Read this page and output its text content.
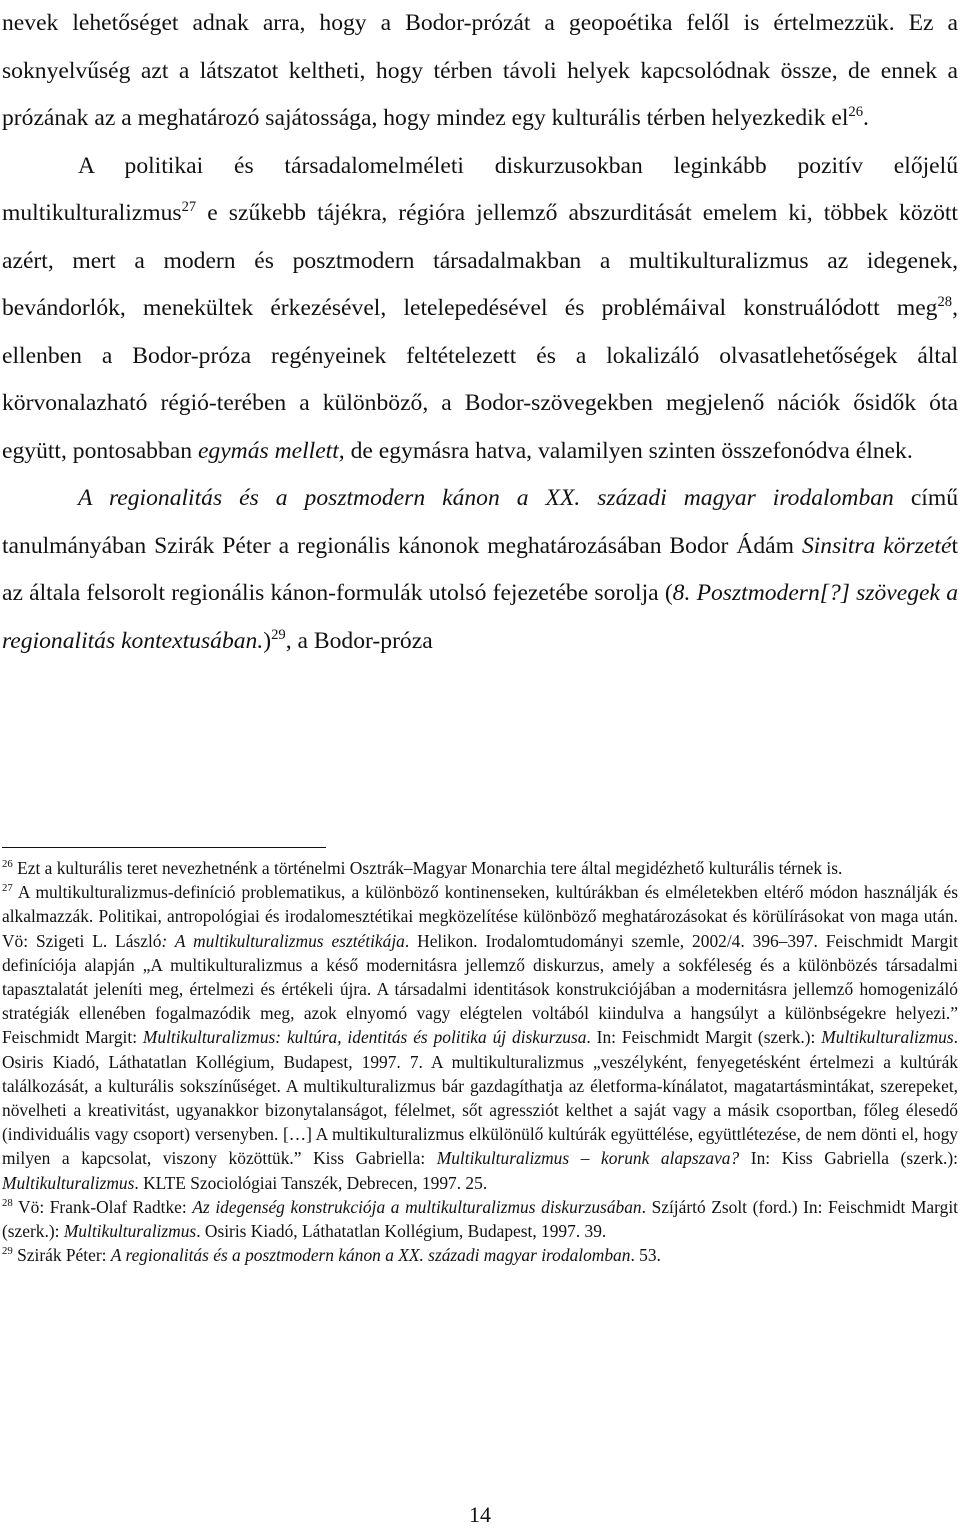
nevek lehetőséget adnak arra, hogy a Bodor-prózát a geopoétika felől is értelmezzük. Ez a soknyelvűség azt a látszatot keltheti, hogy térben távoli helyek kapcsolódnak össze, de ennek a prózának az a meghatározó sajátossága, hogy mindez egy kulturális térben helyezkedik $el^{26}$.

A politikai és társadalomelméleti diskurzusokban leginkább pozitív előjelű multikulturalizmus$^{27}$ e szűkebb tájékra, régióra jellemző abszurditását emelem ki, többek között azért, mert a modern és posztmodern társadalmakban a multikulturalizmus az idegenek, bevándorlók, menekültek érkezésével, letelepedésével és problémáival konstruálódott meg$^{28}$, ellenben a Bodor-próza regényeinek feltételezett és a lokalizáló olvasatlehetőségek által körvonalazható régió-terében a különböző, a Bodor-szövegekben megjelenő nációk ősidők óta együtt, pontosabban egymás mellett, de egymásra hatva, valamilyen szinten összefonódva élnek.

A regionalitás és a posztmodern kánon a XX. századi magyar irodalomban című tanulmányában Szirák Péter a regionális kánonok meghatározásában Bodor Ádám Sinsitra körzetét az általa felsorolt regionális kánon-formulák utolsó fejezetébe sorolja (8. Posztmodern[?] szövegek a regionalitás kontextusában.)$^{29}$, a Bodor-próza

$^{26}$ Ezt a kulturális teret nevezhetnénk a történelmi Osztrák–Magyar Monarchia tere által megidézhető kulturális térnek is.

$^{27}$ A multikulturalizmus-definíció problematikus, a különböző kontinenseken, kultúrákban és elméletekben eltérő módon használják és alkalmazzák. Politikai, antropológiai és irodalomesztétikai megközelítése különböző meghatározásokat és körülírásokat von maga után. Vö: Szigeti L. László: A multikulturalizmus esztétikája. Helikon. Irodalomtudományi szemle, 2002/4. 396–397. Feischmidt Margit definíciója alapján „A multikulturalizmus a késő modernitásra jellemző diskurzus, amely a sokféleség és a különbözés társadalmi tapasztalatát jeleníti meg, értelmezi és értékeli újra. A társadalmi identitások konstrukciójában a modernitásra jellemző homogenizáló stratégiák ellenében fogalmazódik meg, azok elnyomó vagy elégtelen voltából kiindulva a hangsúlyt a különbségekre helyezi.” Feischmidt Margit: Multikulturalizmus: kultúra, identitás és politika új diskurzusa. In: Feischmidt Margit (szerk.): Multikulturalizmus. Osiris Kiadó, Láthatatlan Kollégium, Budapest, 1997. 7. A multikulturalizmus „veszélyként, fenyegetésként értelmezi a kultúrák találkozását, a kulturális sokszínűséget. A multikulturalizmus bár gazdagíthatja az életforma-kínálatot, magatartásmintákat, szerepeket, növelheti a kreativitást, ugyanakkor bizonytalanságot, félelmet, sőt agressziót kelthet a saját vagy a másik csoportban, főleg élesedő (individuális vagy csoport) versenyben. […] A multikulturalizmus elkülönülő kultúrák együttélése, együttlétezése, de nem dönti el, hogy milyen a kapcsolat, viszony közöttük.” Kiss Gabriella: Multikulturalizmus – korunk alapszava? In: Kiss Gabriella (szerk.): Multikulturalizmus. KLTE Szociológiai Tanszék, Debrecen, 1997. 25.

$^{28}$ Vö: Frank-Olaf Radtke: Az idegenség konstrukciója a multikulturalizmus diskurzusában. Szíjártó Zsolt (ford.) In: Feischmidt Margit (szerk.): Multikulturalizmus. Osiris Kiadó, Láthatatlan Kollégium, Budapest, 1997. 39.

$^{29}$ Szirák Péter: A regionalitás és a posztmodern kánon a XX. századi magyar irodalomban. 53.

14
